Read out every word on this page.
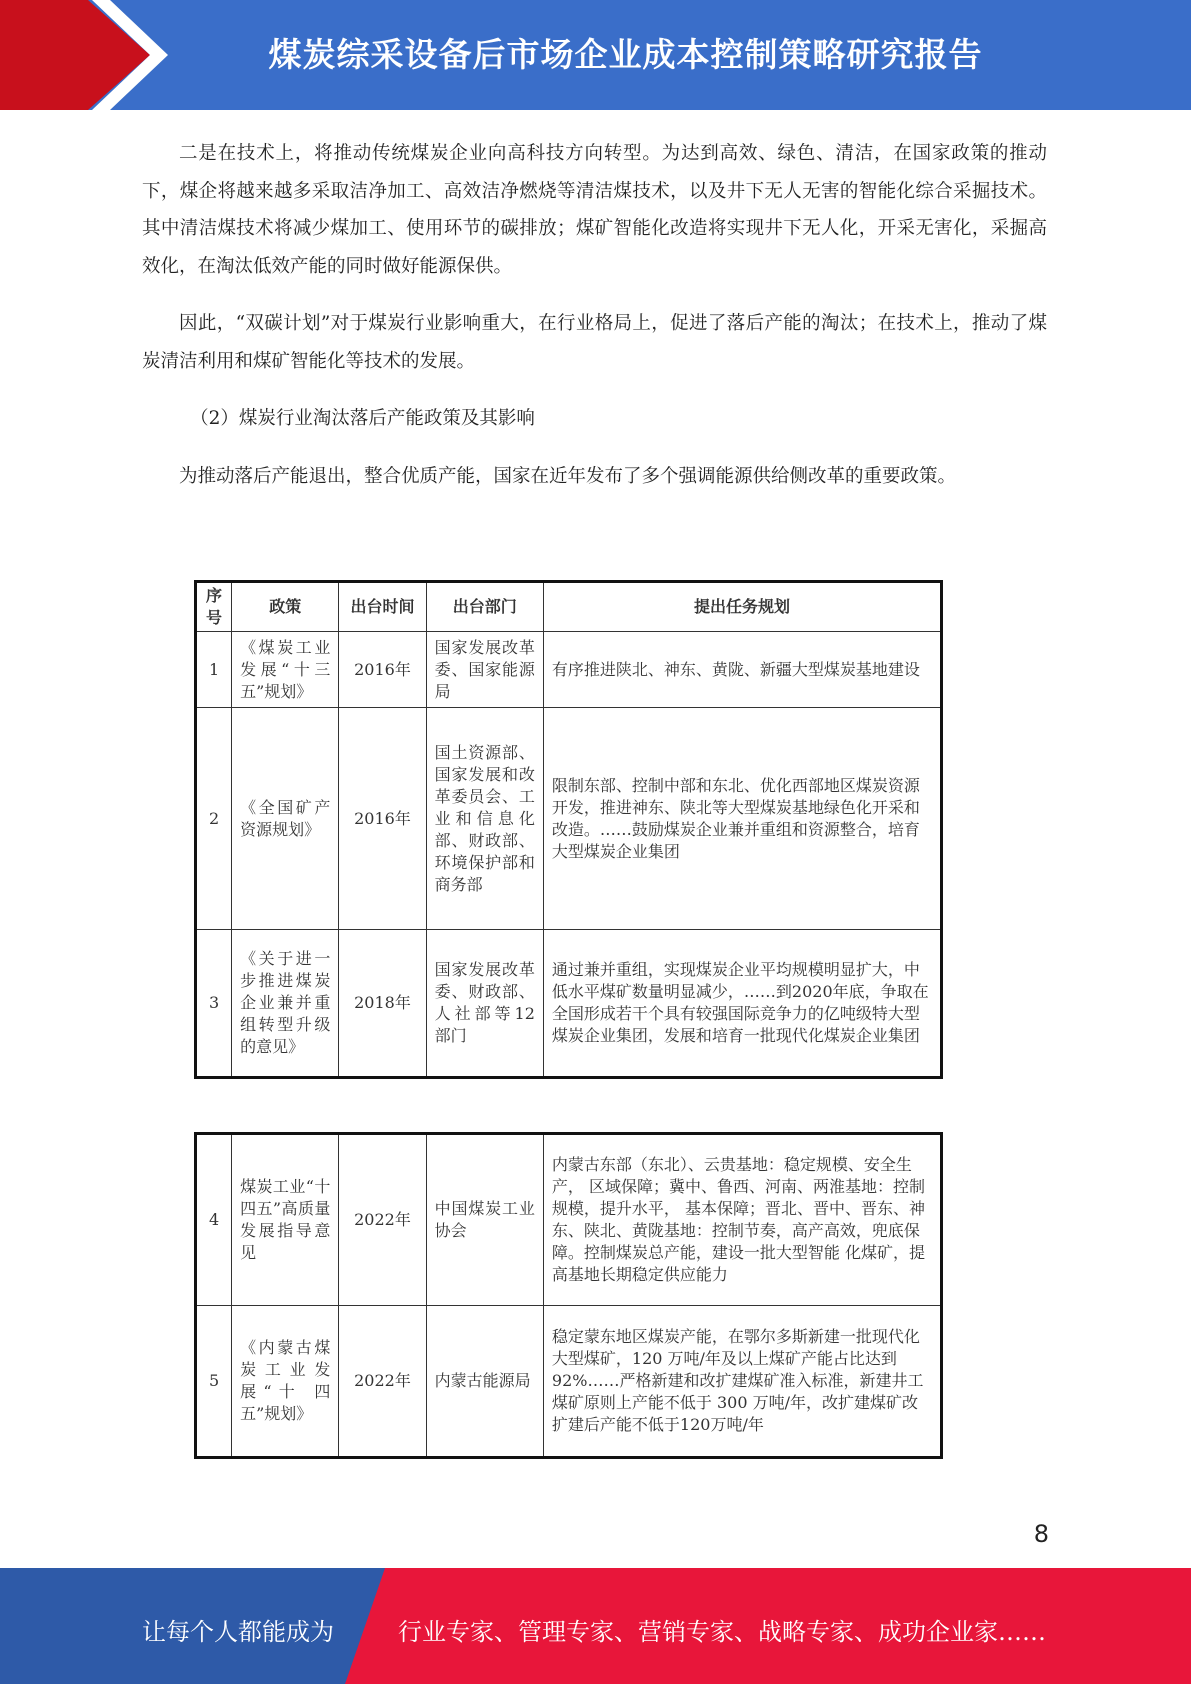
煤炭综采设备后市场企业成本控制策略研究报告

二是在技术上，将推动传统煤炭企业向高科技方向转型。为达到高效、绿色、清洁，在国家政策的推动下，煤企将越来越多采取洁净加工、高效洁净燃烧等清洁煤技术，以及井下无人无害的智能化综合采掘技术。其中清洁煤技术将减少煤加工、使用环节的碳排放；煤矿智能化改造将实现井下无人化，开采无害化，采掘高效化，在淘汰低效产能的同时做好能源保供。

因此，“双碳计划”对于煤炭行业影响重大，在行业格局上，促进了落后产能的淘汰；在技术上，推动了煤炭清洁利用和煤矿智能化等技术的发展。

（2）煤炭行业淘汰落后产能政策及其影响

为推动落后产能退出，整合优质产能，国家在近年发布了多个强调能源供给侧改革的重要政策。

序号	政策	出台时间	出台部门	提出任务规划
1	《煤炭工业发展“十三五”规划》	2016年	国家发展改革委、国家能源局	有序推进陕北、神东、黄陇、新疆大型煤炭基地建设
2	《全国矿产资源规划》	2016年	国土资源部、国家发展和改革委员会、工业和信息化部、财政部、环境保护部和商务部	限制东部、控制中部和东北、优化西部地区煤炭资源开发，推进神东、陕北等大型煤炭基地绿色化开采和改造。……鼓励煤炭企业兼并重组和资源整合，培育大型煤炭企业集团
3	《关于进一步推进煤炭企业兼并重组转型升级的意见》	2018年	国家发展改革委、财政部、人社部等12部门	通过兼并重组，实现煤炭企业平均规模明显扩大，中低水平煤矿数量明显减少，……到2020年底，争取在全国形成若干个具有较强国际竞争力的亿吨级特大型煤炭企业集团，发展和培育一批现代化煤炭企业集团
4	煤炭工业“十四五”高质量发展指导意见	2022年	中国煤炭工业协会	内蒙古东部（东北）、云贵基地：稳定规模、安全生产， 区域保障；冀中、鲁西、河南、两淮基地：控制规模，提升水平， 基本保障；晋北、晋中、晋东、神东、陕北、黄陇基地：控制节奏，高产高效，兜底保障。控制煤炭总产能，建设一批大型智能 化煤矿，提高基地长期稳定供应能力
5	《内蒙古煤炭工业发展“十 四五”规划》	2022年	内蒙古能源局	稳定蒙东地区煤炭产能，在鄂尔多斯新建一批现代化大型煤矿，120 万吨/年及以上煤矿产能占比达到 92%……严格新建和改扩建煤矿准入标准，新建井工煤矿原则上产能不低于 300 万吨/年，改扩建煤矿改扩建后产能不低于120万吨/年
8
让每个人都能成为	行业专家、管理专家、营销专家、战略专家、成功企业家……
